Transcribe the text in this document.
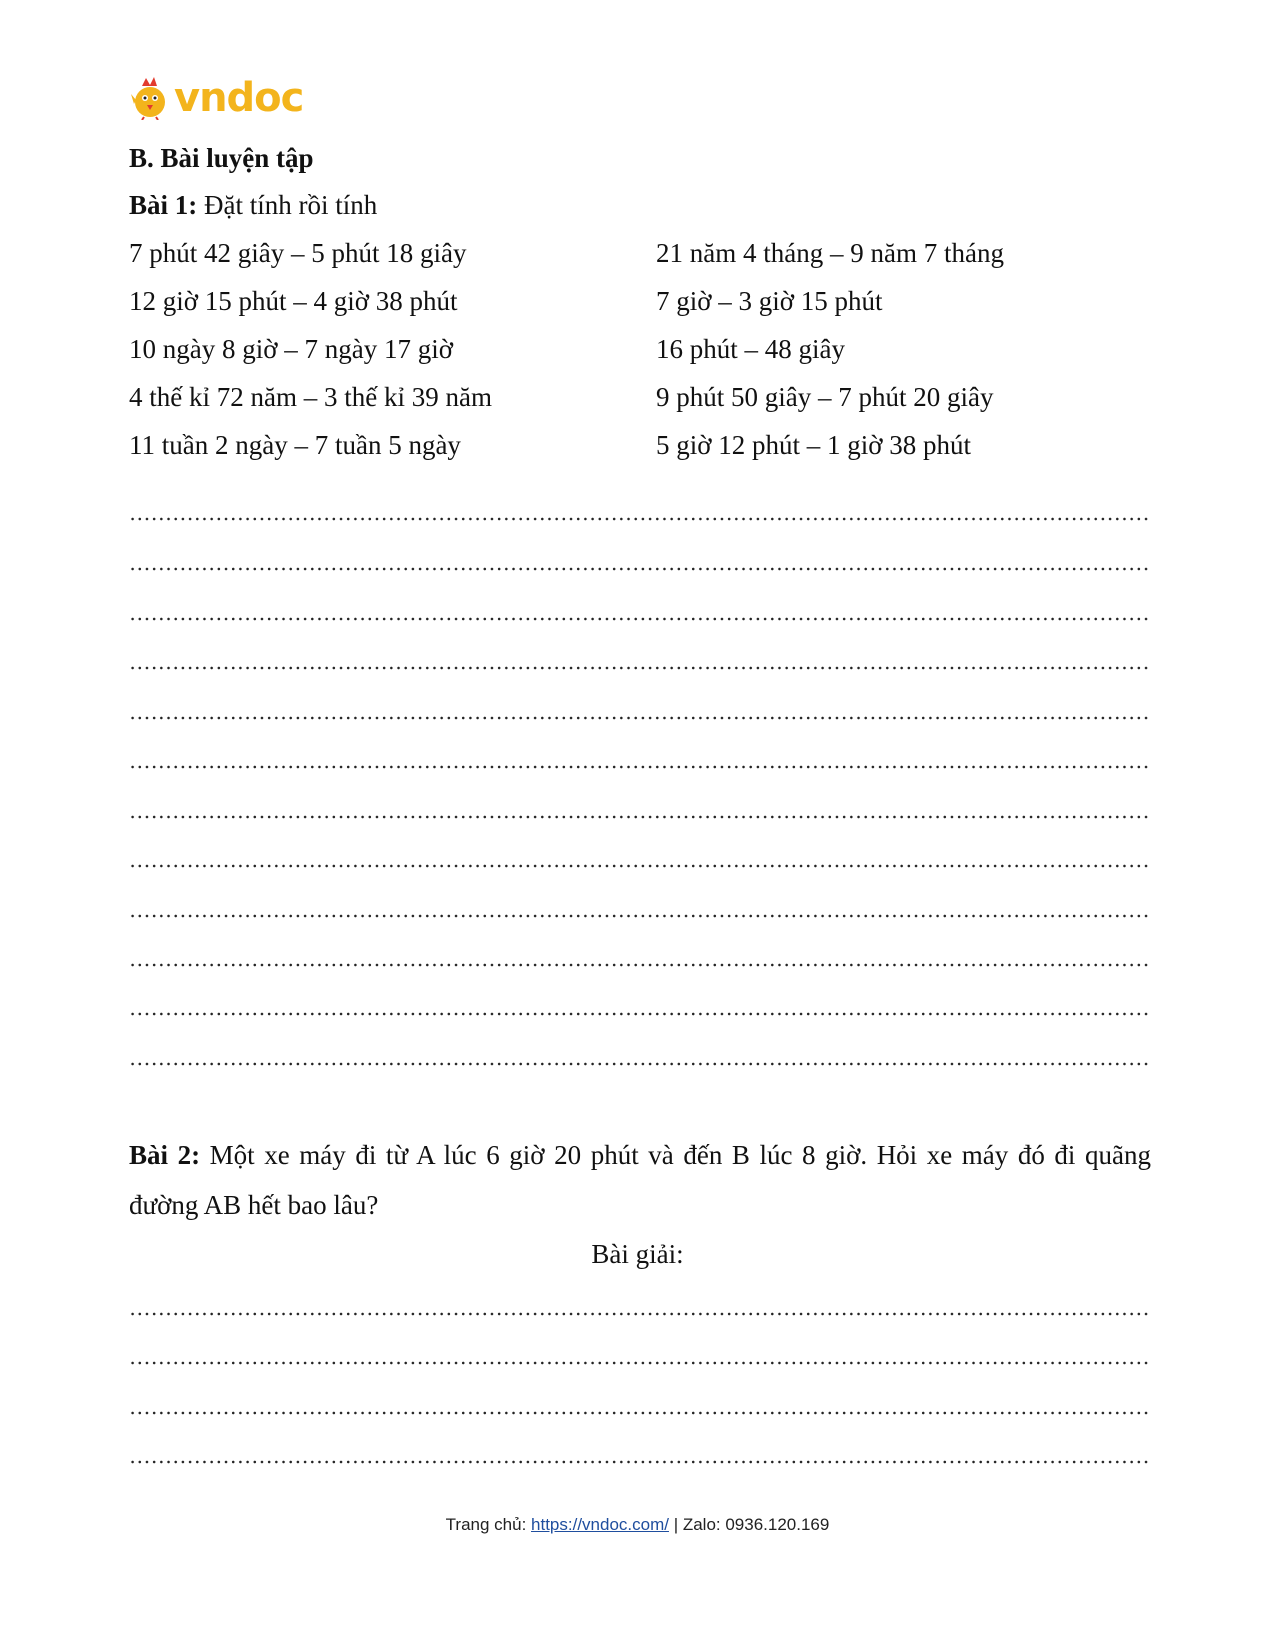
vndoc
B. Bài luyện tập
Bài 1: Đặt tính rồi tính
7 phút 42 giây – 5 phút 18 giây
12 giờ 15 phút – 4 giờ 38 phút
10 ngày 8 giờ – 7 ngày 17 giờ
4 thế kỉ 72 năm – 3 thế kỉ 39 năm
11 tuần 2 ngày – 7 tuần 5 ngày
21 năm 4 tháng – 9 năm 7 tháng
7 giờ – 3 giờ 15 phút
16 phút – 48 giây
9 phút 50 giây – 7 phút 20 giây
5 giờ 12 phút – 1 giờ 38 phút
Bài 2: Một xe máy đi từ A lúc 6 giờ 20 phút và đến B lúc 8 giờ. Hỏi xe máy đó đi quãng đường AB hết bao lâu?
Bài giải:
Trang chủ: https://vndoc.com/ | Zalo: 0936.120.169
